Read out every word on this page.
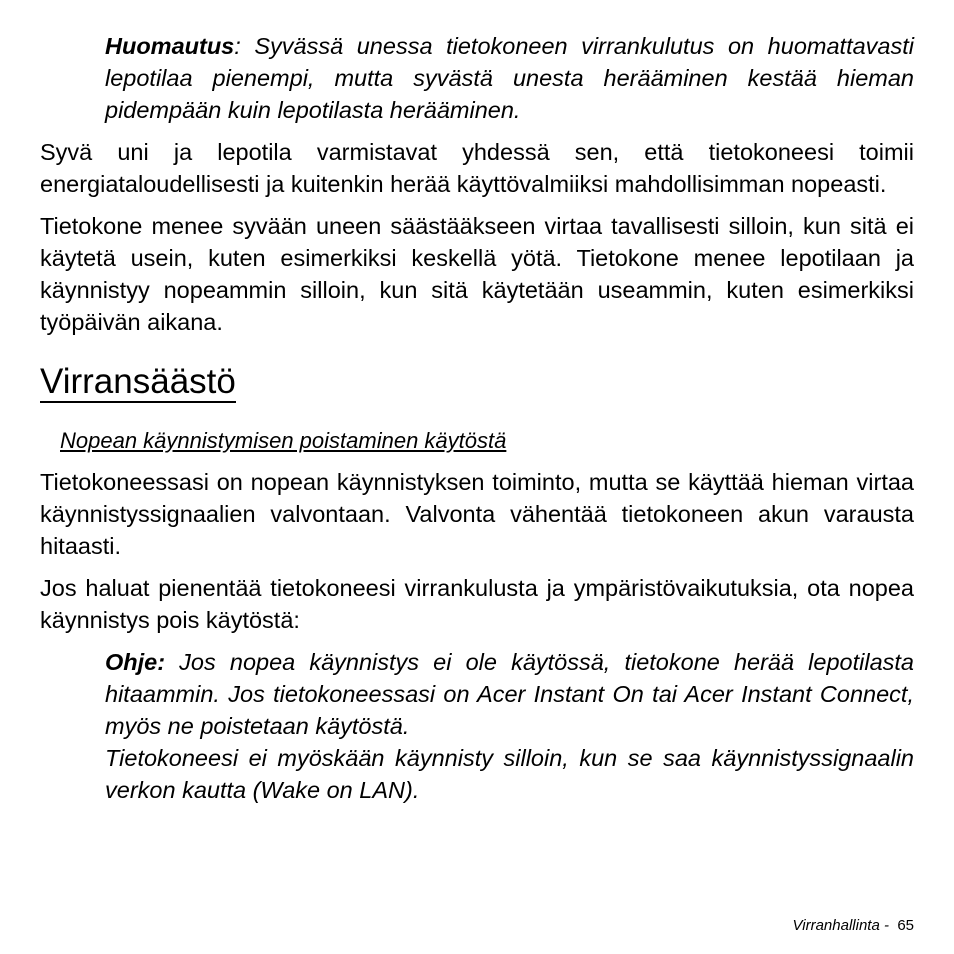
Huomautus: Syvässä unessa tietokoneen virrankulutus on huomattavasti lepotilaa pienempi, mutta syvästä unesta herääminen kestää hieman pidempään kuin lepotilasta herääminen.

Syvä uni ja lepotila varmistavat yhdessä sen, että tietokoneesi toimii energiataloudellisesti ja kuitenkin herää käyttövalmiiksi mahdollisimman nopeasti.

Tietokone menee syvään uneen säästääkseen virtaa tavallisesti silloin, kun sitä ei käytetä usein, kuten esimerkiksi keskellä yötä. Tietokone menee lepotilaan ja käynnistyy nopeammin silloin, kun sitä käytetään useammin, kuten esimerkiksi työpäivän aikana.

Virransäästö
Nopean käynnistymisen poistaminen käytöstä

Tietokoneessasi on nopean käynnistyksen toiminto, mutta se käyttää hieman virtaa käynnistyssignaalien valvontaan. Valvonta vähentää tietokoneen akun varausta hitaasti.

Jos haluat pienentää tietokoneesi virrankulusta ja ympäristövaikutuksia, ota nopea käynnistys pois käytöstä:

Ohje: Jos nopea käynnistys ei ole käytössä, tietokone herää lepotilasta hitaammin. Jos tietokoneessasi on Acer Instant On tai Acer Instant Connect, myös ne poistetaan käytöstä.
Tietokoneesi ei myöskään käynnisty silloin, kun se saa käynnistyssignaalin verkon kautta (Wake on LAN).
Virranhallinta - 65
